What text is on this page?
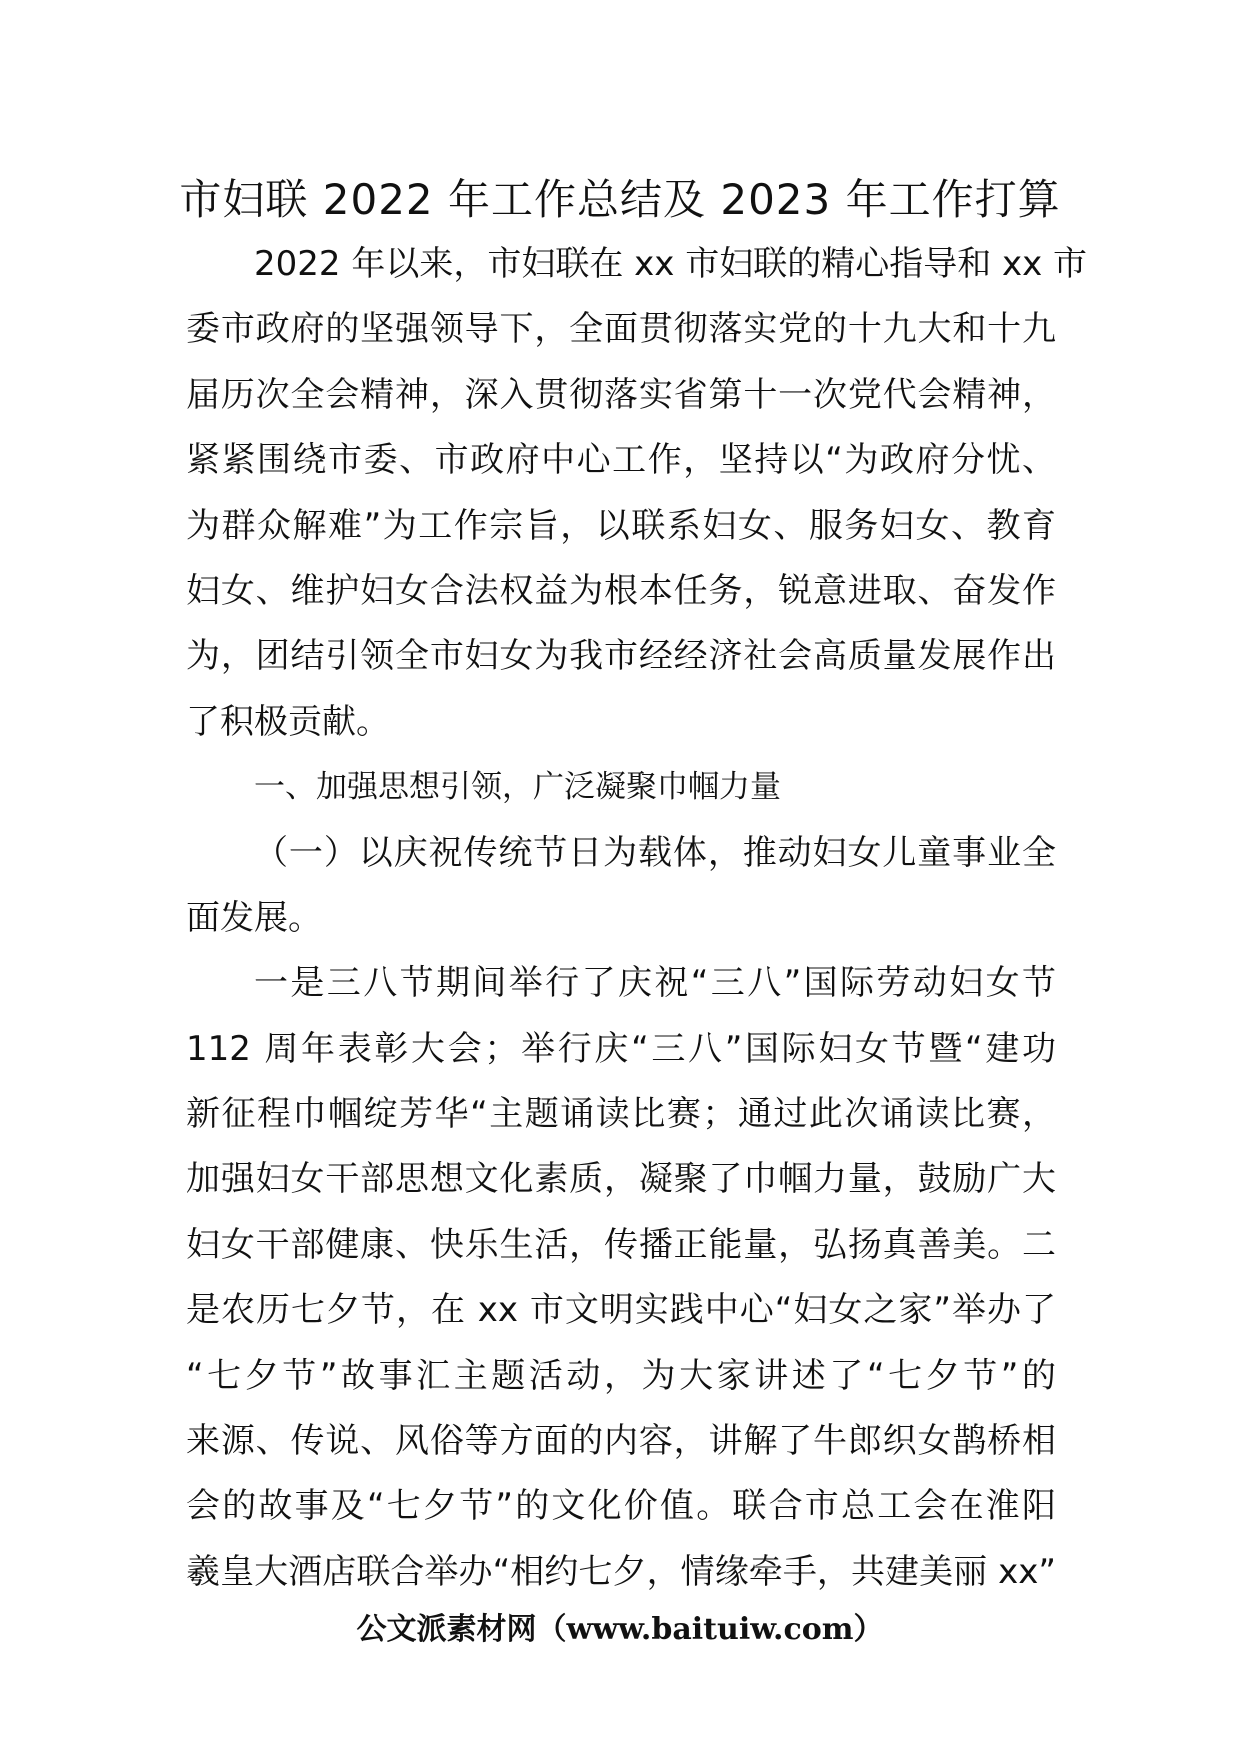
市妇联 2022 年工作总结及 2023 年工作打算
2022 年以来，市妇联在 xx 市妇联的精心指导和 xx 市
委市政府的坚强领导下，全面贯彻落实党的十九大和十九
届历次全会精神，深入贯彻落实省第十一次党代会精神，
紧紧围绕市委、市政府中心工作，坚持以“为政府分忧、
为群众解难”为工作宗旨，以联系妇女、服务妇女、教育
妇女、维护妇女合法权益为根本任务，锐意进取、奋发作
为，团结引领全市妇女为我市经经济社会高质量发展作出
了积极贡献。
一、加强思想引领，广泛凝聚巾帼力量
（一）以庆祝传统节日为载体，推动妇女儿童事业全
面发展。
一是三八节期间举行了庆祝“三八”国际劳动妇女节
112 周年表彰大会；举行庆“三八”国际妇女节暨“建功
新征程巾帼绽芳华“主题诵读比赛；通过此次诵读比赛，
加强妇女干部思想文化素质，凝聚了巾帼力量，鼓励广大
妇女干部健康、快乐生活，传播正能量，弘扬真善美。二
是农历七夕节，在 xx 市文明实践中心“妇女之家”举办了
“七夕节”故事汇主题活动，为大家讲述了“七夕节”的
来源、传说、风俗等方面的内容，讲解了牛郎织女鹊桥相
会的故事及“七夕节”的文化价值。联合市总工会在淮阳
羲皇大酒店联合举办“相约七夕，情缘牵手，共建美丽 xx”
公文派素材网（www.baituiw.com）
